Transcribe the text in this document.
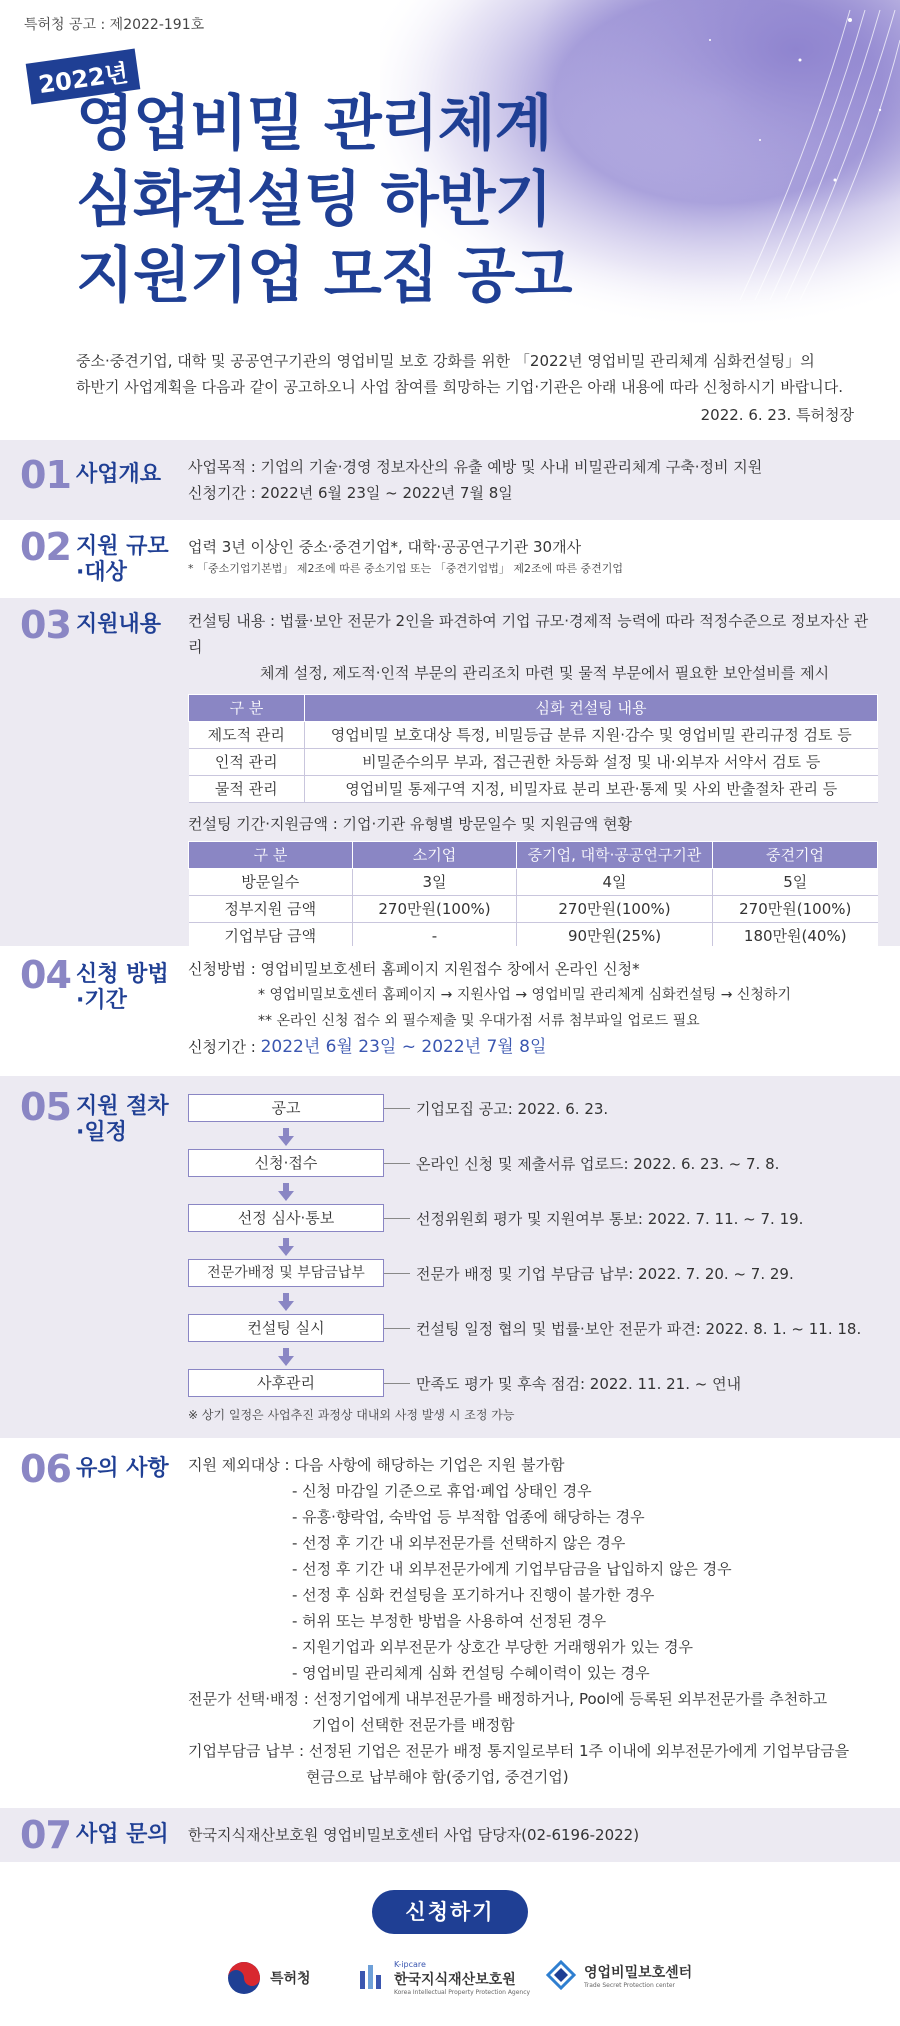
특허청 공고 : 제2022-191호
2022년
영업비밀 관리체계
심화컨설팅 하반기
지원기업 모집 공고
중소·중견기업, 대학 및 공공연구기관의 영업비밀 보호 강화를 위한 「2022년 영업비밀 관리체계 심화컨설팅」의
하반기 사업계획을 다음과 같이 공고하오니 사업 참여를 희망하는 기업·기관은 아래 내용에 따라 신청하시기 바랍니다.
2022. 6. 23. 특허청장
01 사업개요 사업목적 : 기업의 기술·경영 정보자산의 유출 예방 및 사내 비밀관리체계 구축·정비 지원
신청기간 : 2022년 6월 23일 ~ 2022년 7월 8일
02 지원 규모
·대상
업력 3년 이상인 중소·중견기업*, 대학·공공연구기관 30개사
* 「중소기업기본법」 제2조에 따른 중소기업 또는 「중견기업법」 제2조에 따른 중견기업
03 지원내용 컨설팅 내용 : 법률·보안 전문가 2인을 파견하여 기업 규모·경제적 능력에 따라 적정수준으로 정보자산 관리
체계 설정, 제도적·인적 부문의 관리조치 마련 및 물적 부문에서 필요한 보안설비를 제시
구 분	심화 컨설팅 내용
제도적 관리	영업비밀 보호대상 특정, 비밀등급 분류 지원·감수 및 영업비밀 관리규정 검토 등
인적 관리	비밀준수의무 부과, 접근권한 차등화 설정 및 내·외부자 서약서 검토 등
물적 관리	영업비밀 통제구역 지정, 비밀자료 분리 보관·통제 및 사외 반출절차 관리 등
컨설팅 기간·지원금액 : 기업·기관 유형별 방문일수 및 지원금액 현황
구 분	소기업	중기업, 대학·공공연구기관	중견기업
방문일수	3일	4일	5일
정부지원 금액	270만원(100%)	270만원(100%)	270만원(100%)
기업부담 금액	-	90만원(25%)	180만원(40%)
04 신청 방법
·기간
신청방법 : 영업비밀보호센터 홈페이지 지원접수 창에서 온라인 신청*
* 영업비밀보호센터 홈페이지 → 지원사업 → 영업비밀 관리체계 심화컨설팅 → 신청하기
** 온라인 신청 접수 외 필수제출 및 우대가점 서류 첨부파일 업로드 필요
신청기간 : 2022년 6월 23일 ~ 2022년 7월 8일
05 지원 절차
·일정
공고	기업모집 공고: 2022. 6. 23.
신청·접수	온라인 신청 및 제출서류 업로드: 2022. 6. 23. ~ 7. 8.
선정 심사·통보	선정위원회 평가 및 지원여부 통보: 2022. 7. 11. ~ 7. 19.
전문가배정 및 부담금납부	전문가 배정 및 기업 부담금 납부: 2022. 7. 20. ~ 7. 29.
컨설팅 실시	컨설팅 일정 협의 및 법률·보안 전문가 파견: 2022. 8. 1. ~ 11. 18.
사후관리	만족도 평가 및 후속 점검: 2022. 11. 21. ~ 연내
※ 상기 일정은 사업추진 과정상 대내외 사정 발생 시 조정 가능
06 유의 사항 지원 제외대상 : 다음 사항에 해당하는 기업은 지원 불가함
- 신청 마감일 기준으로 휴업·폐업 상태인 경우
- 유흥·향락업, 숙박업 등 부적합 업종에 해당하는 경우
- 선정 후 기간 내 외부전문가를 선택하지 않은 경우
- 선정 후 기간 내 외부전문가에게 기업부담금을 납입하지 않은 경우
- 선정 후 심화 컨설팅을 포기하거나 진행이 불가한 경우
- 허위 또는 부정한 방법을 사용하여 선정된 경우
- 지원기업과 외부전문가 상호간 부당한 거래행위가 있는 경우
- 영업비밀 관리체계 심화 컨설팅 수혜이력이 있는 경우
전문가 선택·배정 : 선정기업에게 내부전문가를 배정하거나, Pool에 등록된 외부전문가를 추천하고
기업이 선택한 전문가를 배정함
기업부담금 납부 : 선정된 기업은 전문가 배정 통지일로부터 1주 이내에 외부전문가에게 기업부담금을
현금으로 납부해야 함(중기업, 중견기업)
07 사업 문의 한국지식재산보호원 영업비밀보호센터 사업 담당자(02-6196-2022)
신청하기
특허청
K-ipcare
한국지식재산보호원
Korea Intellectual Property Protection Agency
영업비밀보호센터
Trade Secret Protection center
